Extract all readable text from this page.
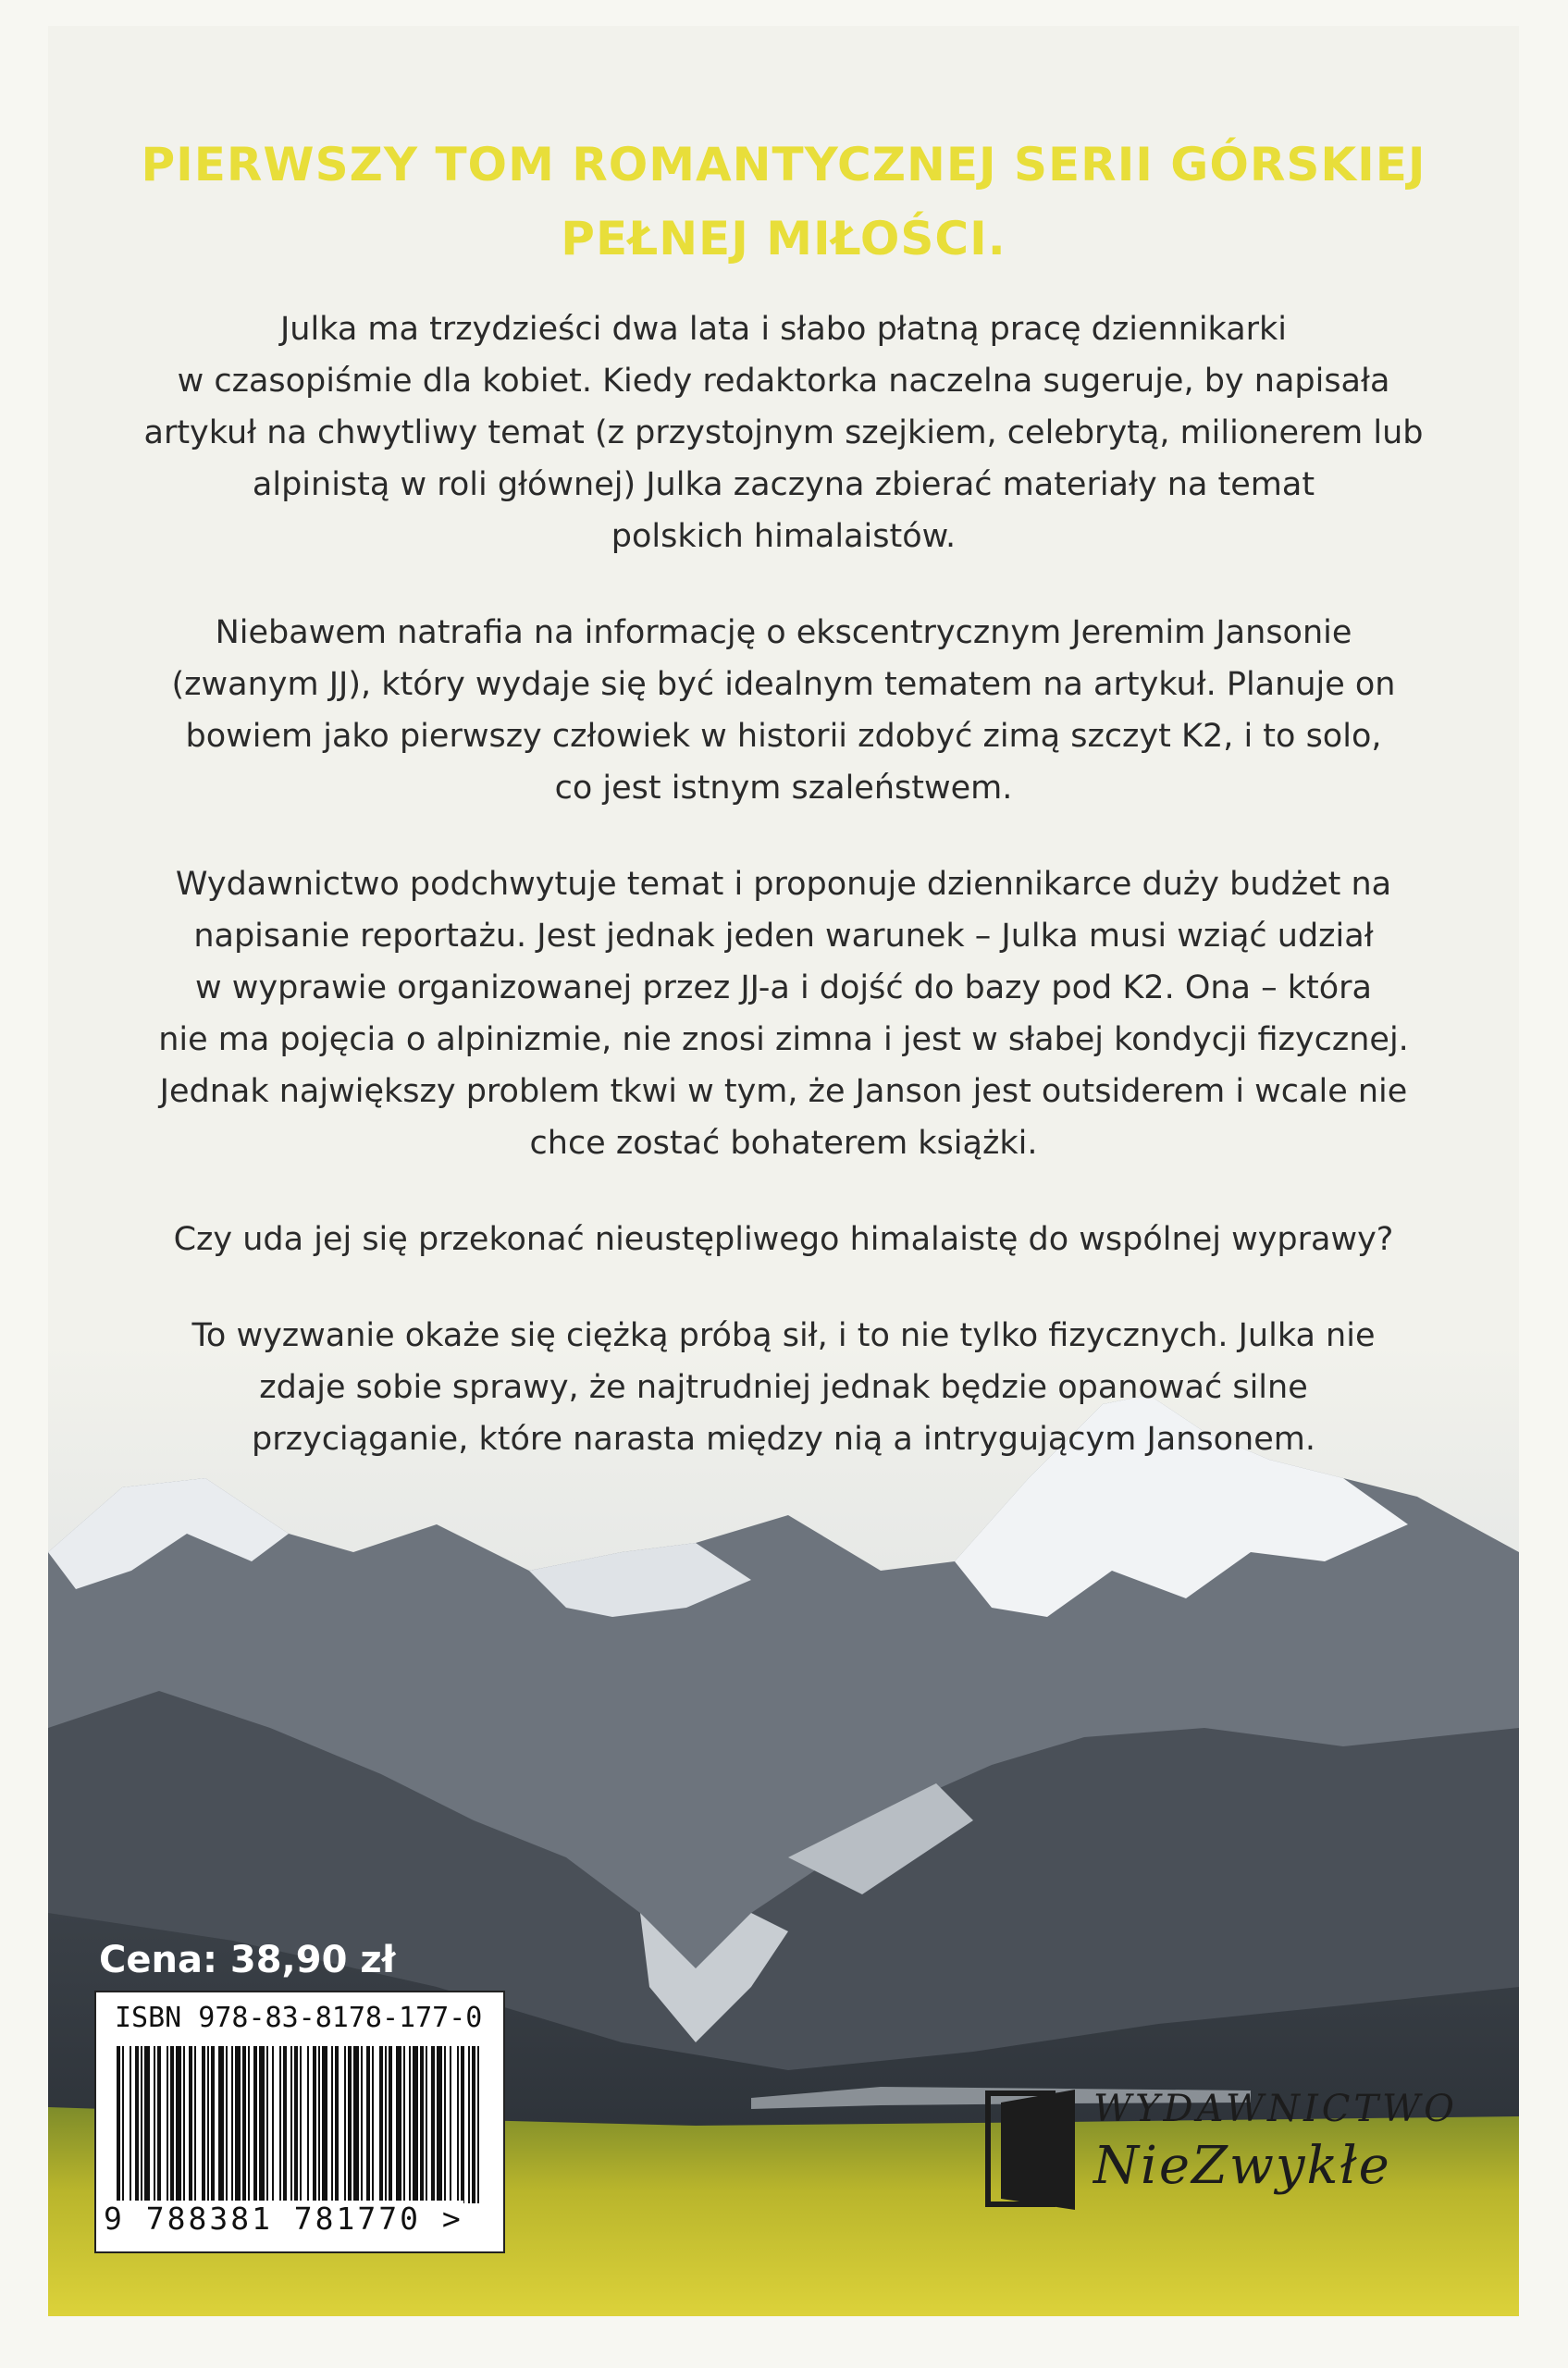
PIERWSZY TOM ROMANTYCZNEJ SERII GÓRSKIEJ
PEŁNEJ MIŁOŚCI.

Julka ma trzydzieści dwa lata i słabo płatną pracę dziennikarki
w czasopiśmie dla kobiet. Kiedy redaktorka naczelna sugeruje, by napisała
artykuł na chwytliwy temat (z przystojnym szejkiem, celebrytą, milionerem lub
alpinistą w roli głównej) Julka zaczyna zbierać materiały na temat
polskich himalaistów.

Niebawem natrafia na informację o ekscentrycznym Jeremim Jansonie
(zwanym JJ), który wydaje się być idealnym tematem na artykuł. Planuje on
bowiem jako pierwszy człowiek w historii zdobyć zimą szczyt K2, i to solo,
co jest istnym szaleństwem.

Wydawnictwo podchwytuje temat i proponuje dziennikarce duży budżet na
napisanie reportażu. Jest jednak jeden warunek – Julka musi wziąć udział
w wyprawie organizowanej przez JJ-a i dojść do bazy pod K2. Ona – która
nie ma pojęcia o alpinizmie, nie znosi zimna i jest w słabej kondycji fizycznej.
Jednak największy problem tkwi w tym, że Janson jest outsiderem i wcale nie
chce zostać bohaterem książki.

Czy uda jej się przekonać nieustępliwego himalaistę do wspólnej wyprawy?

To wyzwanie okaże się ciężką próbą sił, i to nie tylko fizycznych. Julka nie
zdaje sobie sprawy, że najtrudniej jednak będzie opanować silne
przyciąganie, które narasta między nią a intrygującym Jansonem.

Cena: 38,90 zł
ISBN 978-83-8178-177-0
9 788381 781770 >
WYDAWNICTWO
NieZwykłe
